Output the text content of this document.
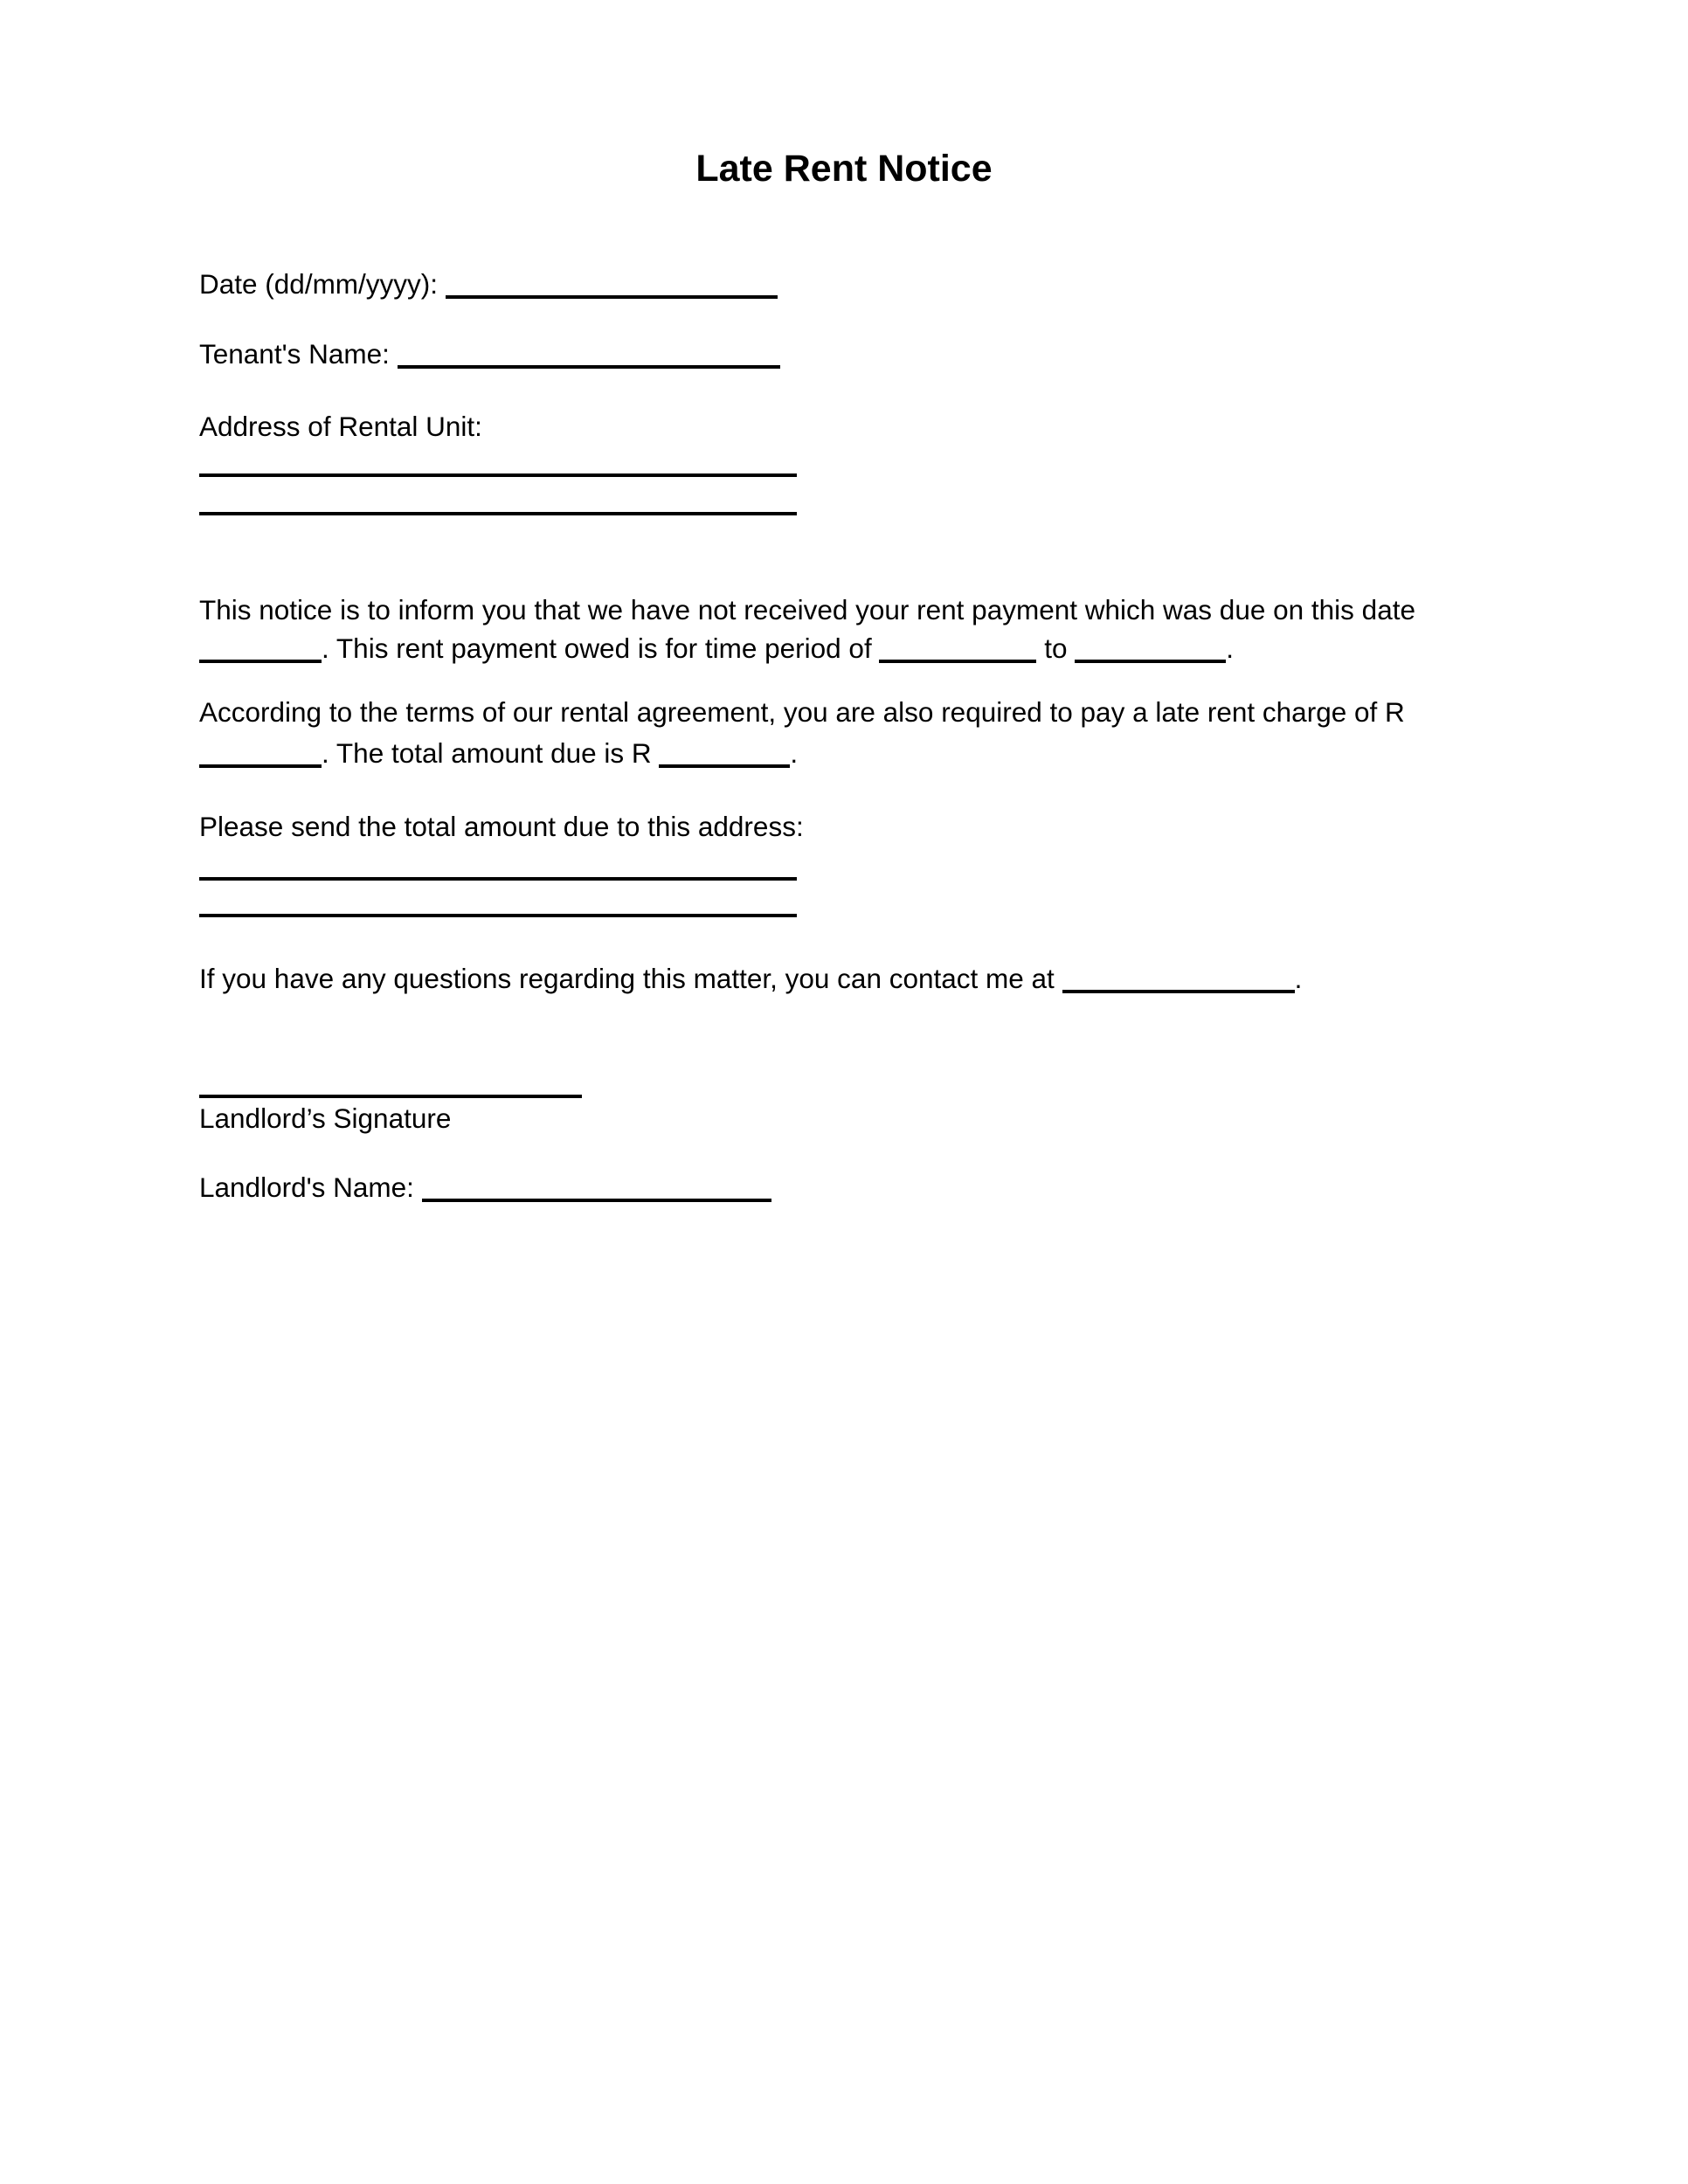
Late Rent Notice
Date (dd/mm/yyyy):
Tenant's Name:
Address of Rental Unit:
This notice is to inform you that we have not received your rent payment which was due on this date
. This rent payment owed is for time period of	to	.
According to the terms of our rental agreement, you are also required to pay a late rent charge of R
. The total amount due is R	.
Please send the total amount due to this address:
If you have any questions regarding this matter, you can contact me at	.
Landlord’s Signature
Landlord's Name:
